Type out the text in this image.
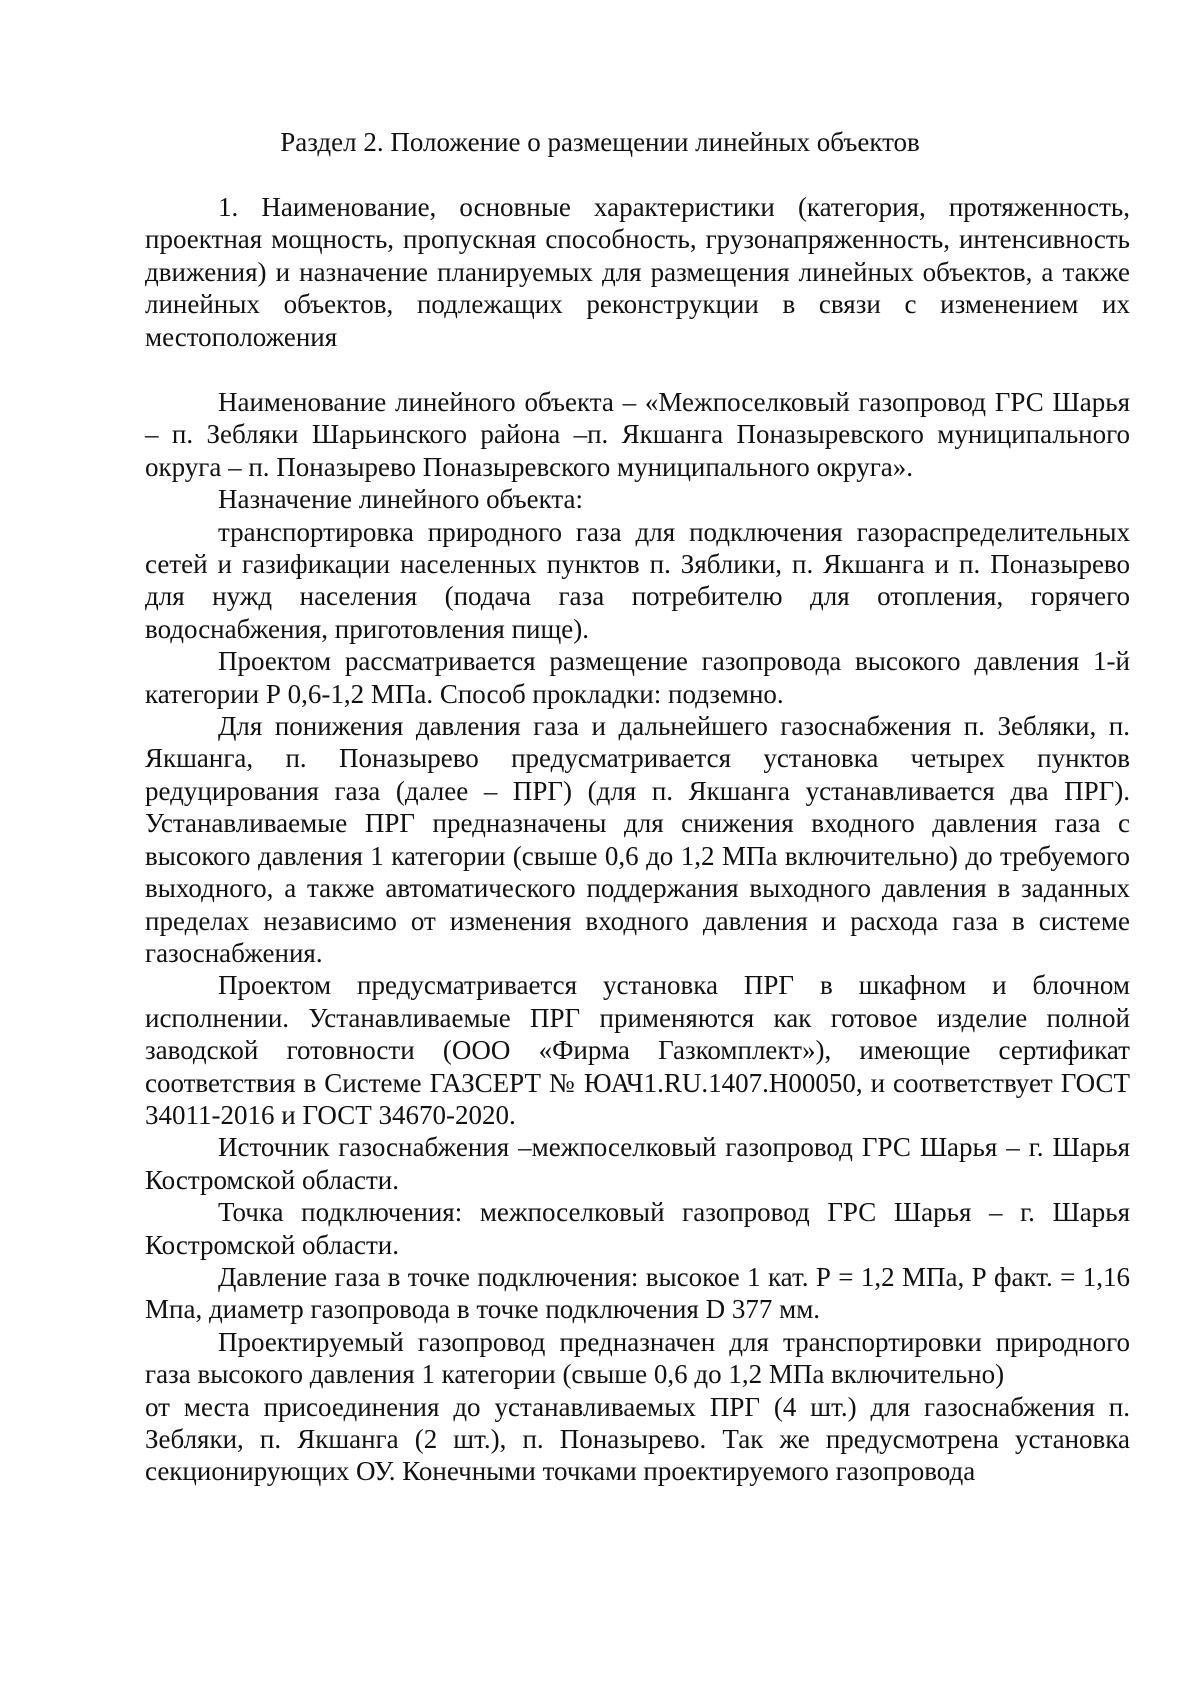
Раздел 2. Положение о размещении линейных объектов

1. Наименование, основные характеристики (категория, протяженность, проектная мощность, пропускная способность, грузонапряженность, интенсивность движения) и назначение планируемых для размещения линейных объектов, а также линейных объектов, подлежащих реконструкции в связи с изменением их местоположения

Наименование линейного объекта – «Межпоселковый газопровод ГРС Шарья – п. Зебляки Шарьинского района –п. Якшанга Поназыревского муниципального округа – п. Поназырево Поназыревского муниципального округа».

Назначение линейного объекта:

транспортировка природного газа для подключения газораспределительных сетей и газификации населенных пунктов п. Зяблики, п. Якшанга и п. Поназырево для нужд населения (подача газа потребителю для отопления, горячего водоснабжения, приготовления пище).

Проектом рассматривается размещение газопровода высокого давления 1-й категории Р 0,6-1,2 МПа. Способ прокладки: подземно.

Для понижения давления газа и дальнейшего газоснабжения п. Зебляки, п. Якшанга, п. Поназырево предусматривается установка четырех пунктов редуцирования газа (далее – ПРГ) (для п. Якшанга устанавливается два ПРГ). Устанавливаемые ПРГ предназначены для снижения входного давления газа с высокого давления 1 категории (свыше 0,6 до 1,2 МПа включительно) до требуемого выходного, а также автоматического поддержания выходного давления в заданных пределах независимо от изменения входного давления и расхода газа в системе газоснабжения.

Проектом предусматривается установка ПРГ в шкафном и блочном исполнении. Устанавливаемые ПРГ применяются как готовое изделие полной заводской готовности (ООО «Фирма Газкомплект»), имеющие сертификат соответствия в Системе ГАЗСЕРТ № ЮАЧ1.RU.1407.Н00050, и соответствует ГОСТ 34011-2016 и ГОСТ 34670-2020.

Источник газоснабжения –межпоселковый газопровод ГРС Шарья – г. Шарья Костромской области.

Точка подключения: межпоселковый газопровод ГРС Шарья – г. Шарья Костромской области.

Давление газа в точке подключения: высокое 1 кат. Р = 1,2 МПа, Р факт. = 1,16 Мпа, диаметр газопровода в точке подключения D 377 мм.

Проектируемый газопровод предназначен для транспортировки природного газа высокого давления 1 категории (свыше 0,6 до 1,2 МПа включительно)

от места присоединения до устанавливаемых ПРГ (4 шт.) для газоснабжения п. Зебляки, п. Якшанга (2 шт.), п. Поназырево. Так же предусмотрена установка секционирующих ОУ. Конечными точками проектируемого газопровода
